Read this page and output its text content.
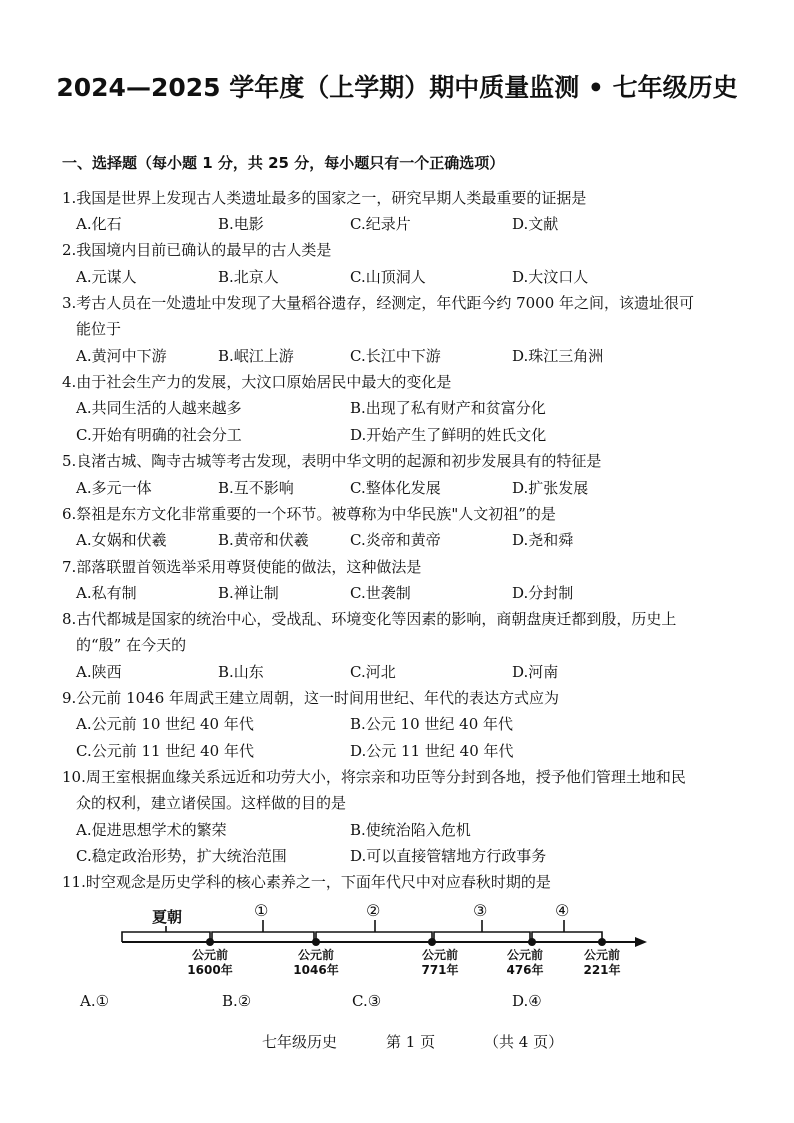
2024—2025 学年度（上学期）期中质量监测 • 七年级历史
一、选择题（每小题 1 分，共 25 分，每小题只有一个正确选项）
1.我国是世界上发现古人类遗址最多的国家之一，研究早期人类最重要的证据是
A.化石	B.电影	C.纪录片	D.文献
2.我国境内目前已确认的最早的古人类是
A.元谋人	B.北京人	C.山顶洞人	D.大汶口人
3.考古人员在一处遗址中发现了大量稻谷遗存，经测定，年代距今约 7000 年之间，该遗址很可
能位于
A.黄河中下游	B.岷江上游	C.长江中下游	D.珠江三角洲
4.由于社会生产力的发展，大汶口原始居民中最大的变化是
A.共同生活的人越来越多	B.出现了私有财产和贫富分化
C.开始有明确的社会分工	D.开始产生了鲜明的姓氏文化
5.良渚古城、陶寺古城等考古发现，表明中华文明的起源和初步发展具有的特征是
A.多元一体	B.互不影响	C.整体化发展	D.扩张发展
6.祭祖是东方文化非常重要的一个环节。被尊称为中华民族"人文初祖”的是
A.女娲和伏羲	B.黄帝和伏羲	C.炎帝和黄帝	D.尧和舜
7.部落联盟首领选举采用尊贤使能的做法，这种做法是
A.私有制	B.禅让制	C.世袭制	D.分封制
8.古代都城是国家的统治中心，受战乱、环境变化等因素的影响，商朝盘庚迁都到殷，历史上
的“殷” 在今天的
A.陕西	B.山东	C.河北	D.河南
9.公元前 1046 年周武王建立周朝，这一时间用世纪、年代的表达方式应为
A.公元前 10 世纪 40 年代	B.公元 10 世纪 40 年代
C.公元前 11 世纪 40 年代	D.公元 11 世纪 40 年代
10.周王室根据血缘关系远近和功劳大小，将宗亲和功臣等分封到各地，授予他们管理土地和民
众的权利，建立诸侯国。这样做的目的是
A.促进思想学术的繁荣	B.使统治陷入危机
C.稳定政治形势，扩大统治范围	D.可以直接管辖地方行政事务
11.时空观念是历史学科的核心素养之一，下面年代尺中对应春秋时期的是
夏朝	①	②	③	④
公元前
1600年
公元前
1046年
公元前
771年
公元前
476年
公元前
221年
A.①	B.②	C.③	D.④
七年级历史	第 1 页	（共 4 页）
